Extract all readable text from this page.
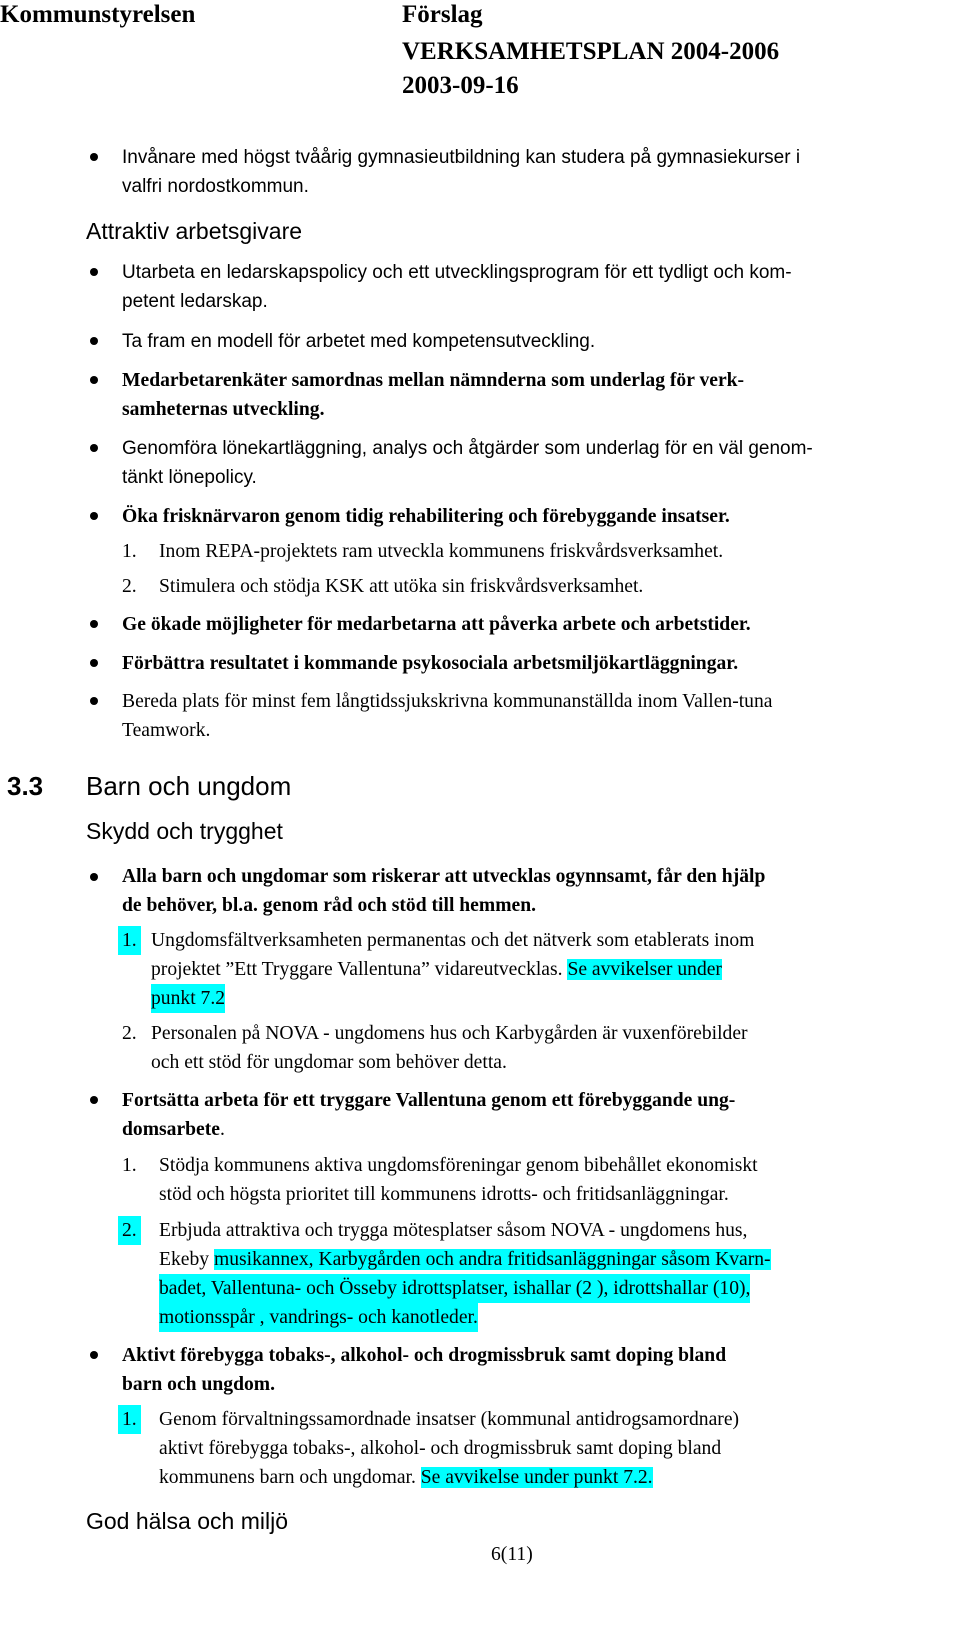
Kommunstyrelsen	Förslag
VERKSAMHETSPLAN 2004-2006
2003-09-16
Invånare med högst tvåårig gymnasieutbildning kan studera på gymnasiekurser i
valfri nordostkommun.
Attraktiv arbetsgivare
Utarbeta en ledarskapspolicy och ett utvecklingsprogram för ett tydligt och kom-
petent ledarskap.
Ta fram en modell för arbetet med kompetensutveckling.
Medarbetarenkäter samordnas mellan nämnderna som underlag för verk-
samheternas utveckling.
Genomföra lönekartläggning, analys och åtgärder som underlag för en väl genom-
tänkt lönepolicy.
Öka frisknärvaron genom tidig rehabilitering och förebyggande insatser.
1. Inom REPA-projektets ram utveckla kommunens friskvårdsverksamhet.
2. Stimulera och stödja KSK att utöka sin friskvårdsverksamhet.
Ge ökade möjligheter för medarbetarna att påverka arbete och arbetstider.
Förbättra resultatet i kommande psykosociala arbetsmiljökartläggningar.
Bereda plats för minst fem långtidssjukskrivna kommunanställda inom Vallen-tuna
Teamwork.
3.3 Barn och ungdom
Skydd och trygghet
Alla barn och ungdomar som riskerar att utvecklas ogynnsamt, får den hjälp
de behöver, bl.a. genom råd och stöd till hemmen.
1. Ungdomsfältverksamheten permanentas och det nätverk som etablerats inom
projektet ”Ett Tryggare Vallentuna” vidareutvecklas. Se avvikelser under
punkt 7.2
2. Personalen på NOVA - ungdomens hus och Karbygården är vuxenförebilder
och ett stöd för ungdomar som behöver detta.
Fortsätta arbeta för ett tryggare Vallentuna genom ett förebyggande ung-
domsarbete.
1. Stödja kommunens aktiva ungdomsföreningar genom bibehållet ekonomiskt
stöd och högsta prioritet till kommunens idrotts- och fritidsanläggningar.
2. Erbjuda attraktiva och trygga mötesplatser såsom NOVA - ungdomens hus,
Ekeby musikannex, Karbygården och andra fritidsanläggningar såsom Kvarn-
badet, Vallentuna- och Össeby idrottsplatser, ishallar (2 ), idrottshallar (10),
motionsspår , vandrings- och kanotleder.
Aktivt förebygga tobaks-, alkohol- och drogmissbruk samt doping bland
barn och ungdom.
1. Genom förvaltningssamordnade insatser (kommunal antidrogsamordnare)
aktivt förebygga tobaks-, alkohol- och drogmissbruk samt doping bland
kommunens barn och ungdomar. Se avvikelse under punkt 7.2.
God hälsa och miljö
6(11)
